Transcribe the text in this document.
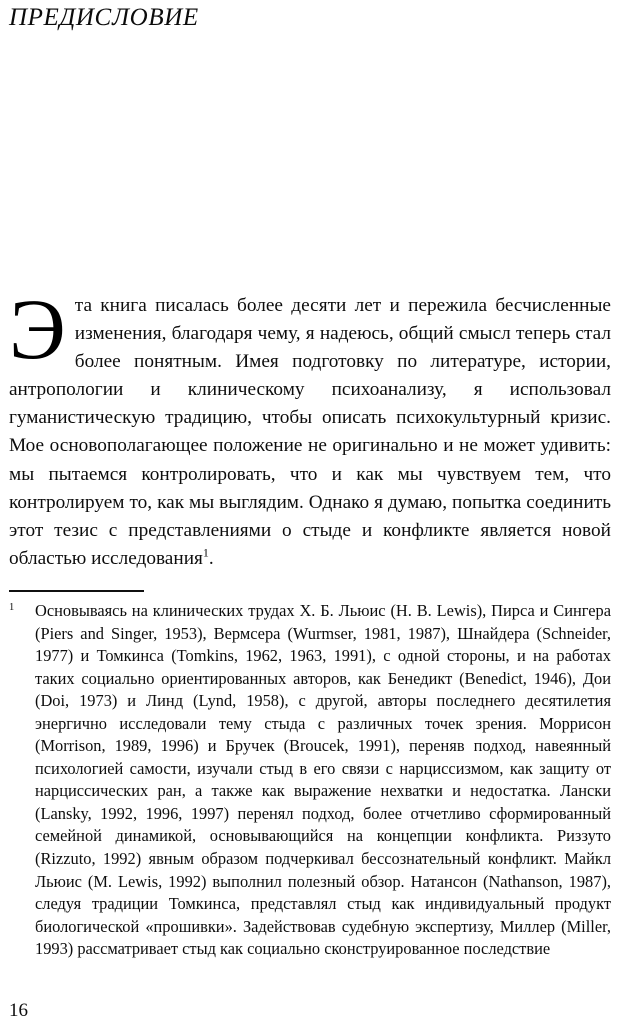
ПРЕДИСЛОВИЕ
Э та книга писалась более десяти лет и пережила бесчисленные изменения, благодаря чему, я надеюсь, общий смысл теперь стал более понятным. Имея подготовку по литературе, истории, антропологии и клиническому психоанализу, я использовал гуманистическую традицию, чтобы описать психокультурный кризис. Мое основополагающее положение не оригинально и не может удивить: мы пытаемся контролировать, что и как мы чувствуем тем, что контролируем то, как мы выглядим. Однако я думаю, попытка соединить этот тезис с представлениями о стыде и конфликте является новой областью исследования$^1$.

1	Основываясь на клинических трудах Х. Б. Льюис (H. B. Lewis), Пирса и Сингера (Piers and Singer, 1953), Вермсера (Wurmser, 1981, 1987), Шнайдера (Schneider, 1977) и Томкинса (Tomkins, 1962, 1963, 1991), с одной стороны, и на работах таких социально ориентированных авторов, как Бенедикт (Benedict, 1946), Дои (Doi, 1973) и Линд (Lynd, 1958), с другой, авторы последнего десятилетия энергично исследовали тему стыда с различных точек зрения. Моррисон (Morrison, 1989, 1996) и Бручек (Broucek, 1991), переняв подход, навеянный психологией самости, изучали стыд в его связи с нарциссизмом, как защиту от нарциссических ран, а также как выражение нехватки и недостатка. Лански (Lansky, 1992, 1996, 1997) перенял подход, более отчетливо сформированный семейной динамикой, основывающийся на концепции конфликта. Риззуто (Rizzuto, 1992) явным образом подчеркивал бессознательный конфликт. Майкл Льюис (M. Lewis, 1992) выполнил полезный обзор. Натансон (Nathanson, 1987), следуя традиции Томкинса, представлял стыд как индивидуальный продукт биологической «прошивки». Задействовав судебную экспертизу, Миллер (Miller, 1993) рассматривает стыд как социально сконструированное последствие
16
